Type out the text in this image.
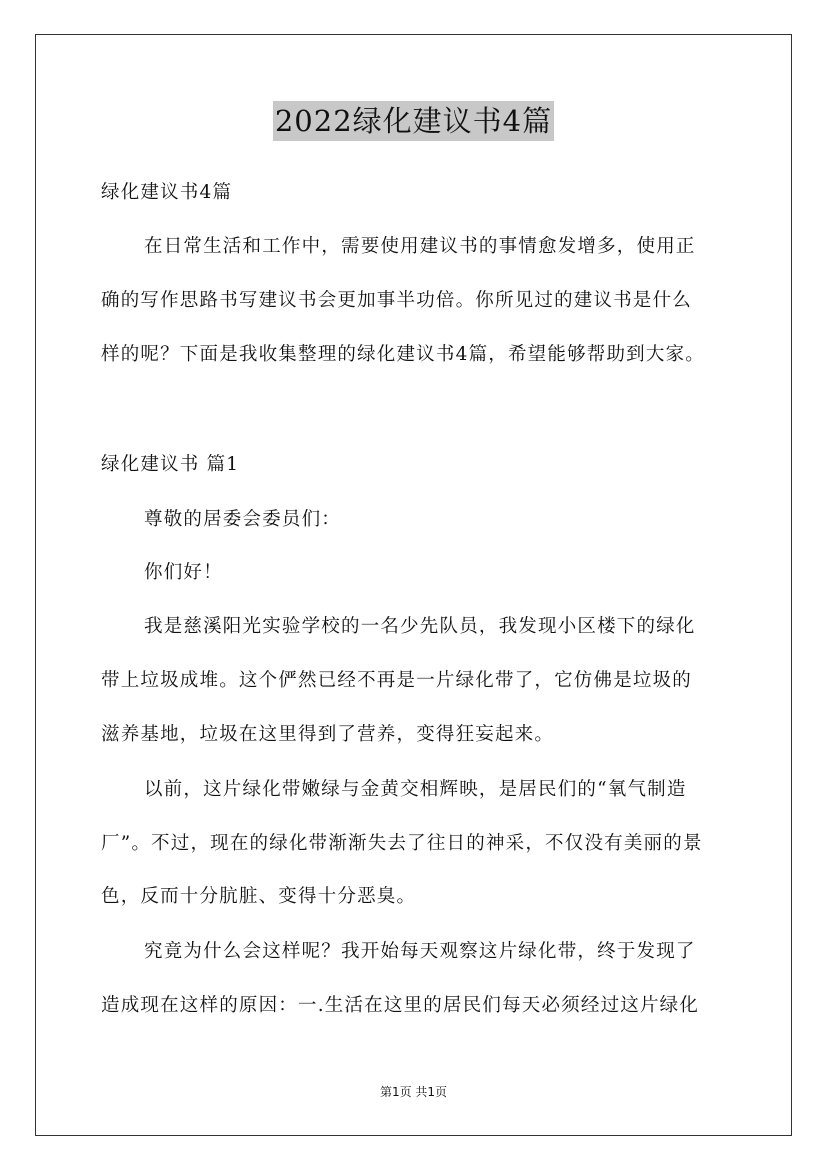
2022绿化建议书4篇
绿化建议书4篇
在日常生活和工作中，需要使用建议书的事情愈发增多，使用正
确的写作思路书写建议书会更加事半功倍。你所见过的建议书是什么
样的呢？下面是我收集整理的绿化建议书4篇，希望能够帮助到大家。
绿化建议书 篇1
尊敬的居委会委员们：
你们好！
我是慈溪阳光实验学校的一名少先队员，我发现小区楼下的绿化
带上垃圾成堆。这个俨然已经不再是一片绿化带了，它仿佛是垃圾的
滋养基地，垃圾在这里得到了营养，变得狂妄起来。
以前，这片绿化带嫩绿与金黄交相辉映，是居民们的“氧气制造
厂”。不过，现在的绿化带渐渐失去了往日的神采，不仅没有美丽的景
色，反而十分肮脏、变得十分恶臭。
究竟为什么会这样呢？我开始每天观察这片绿化带，终于发现了
造成现在这样的原因：一.生活在这里的居民们每天必须经过这片绿化
第1页 共1页
